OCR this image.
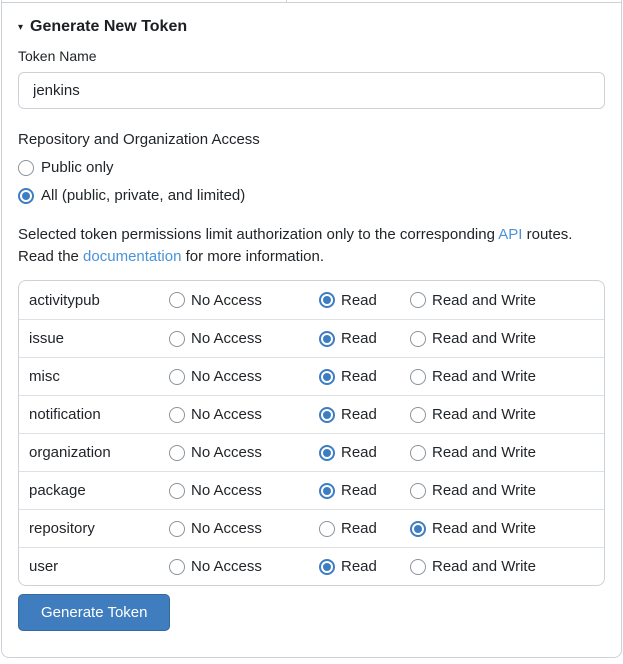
▾ Generate New Token
Token Name
jenkins
Repository and Organization Access
Public only
All (public, private, and limited)

Selected token permissions limit authorization only to the corresponding API routes. Read the documentation for more information.

activitypub	No Access	Read	Read and Write

issue	No Access	Read	Read and Write

misc	No Access	Read	Read and Write

notification	No Access	Read	Read and Write

organization	No Access	Read	Read and Write

package	No Access	Read	Read and Write

repository	No Access	Read	Read and Write

user	No Access	Read	Read and Write
Generate Token
